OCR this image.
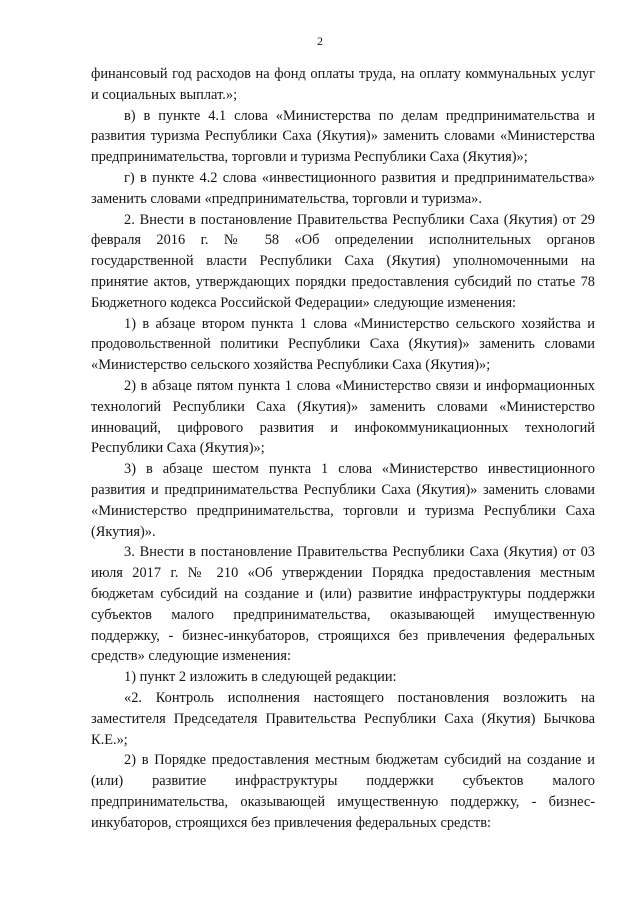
2

финансовый год расходов на фонд оплаты труда, на оплату коммунальных услуг и социальных выплат.»;

в) в пункте 4.1 слова «Министерства по делам предпринимательства и развития туризма Республики Саха (Якутия)» заменить словами «Министерства предпринимательства, торговли и туризма Республики Саха (Якутия)»;

г) в пункте 4.2 слова «инвестиционного развития и предпринимательства» заменить словами «предпринимательства, торговли и туризма».

2. Внести в постановление Правительства Республики Саха (Якутия) от 29 февраля 2016 г. № 58 «Об определении исполнительных органов государственной власти Республики Саха (Якутия) уполномоченными на принятие актов, утверждающих порядки предоставления субсидий по статье 78 Бюджетного кодекса Российской Федерации» следующие изменения:

1) в абзаце втором пункта 1 слова «Министерство сельского хозяйства и продовольственной политики Республики Саха (Якутия)» заменить словами «Министерство сельского хозяйства Республики Саха (Якутия)»;

2) в абзаце пятом пункта 1 слова «Министерство связи и информационных технологий Республики Саха (Якутия)» заменить словами «Министерство инноваций, цифрового развития и инфокоммуникационных технологий Республики Саха (Якутия)»;

3) в абзаце шестом пункта 1 слова «Министерство инвестиционного развития и предпринимательства Республики Саха (Якутия)» заменить словами «Министерство предпринимательства, торговли и туризма Республики Саха (Якутия)».

3. Внести в постановление Правительства Республики Саха (Якутия) от 03 июля 2017 г. № 210 «Об утверждении Порядка предоставления местным бюджетам субсидий на создание и (или) развитие инфраструктуры поддержки субъектов малого предпринимательства, оказывающей имущественную поддержку, - бизнес-инкубаторов, строящихся без привлечения федеральных средств» следующие изменения:

1) пункт 2 изложить в следующей редакции:

«2. Контроль исполнения настоящего постановления возложить на заместителя Председателя Правительства Республики Саха (Якутия) Бычкова К.Е.»;

2) в Порядке предоставления местным бюджетам субсидий на создание и (или) развитие инфраструктуры поддержки субъектов малого предпринимательства, оказывающей имущественную поддержку, - бизнес-инкубаторов, строящихся без привлечения федеральных средств:
